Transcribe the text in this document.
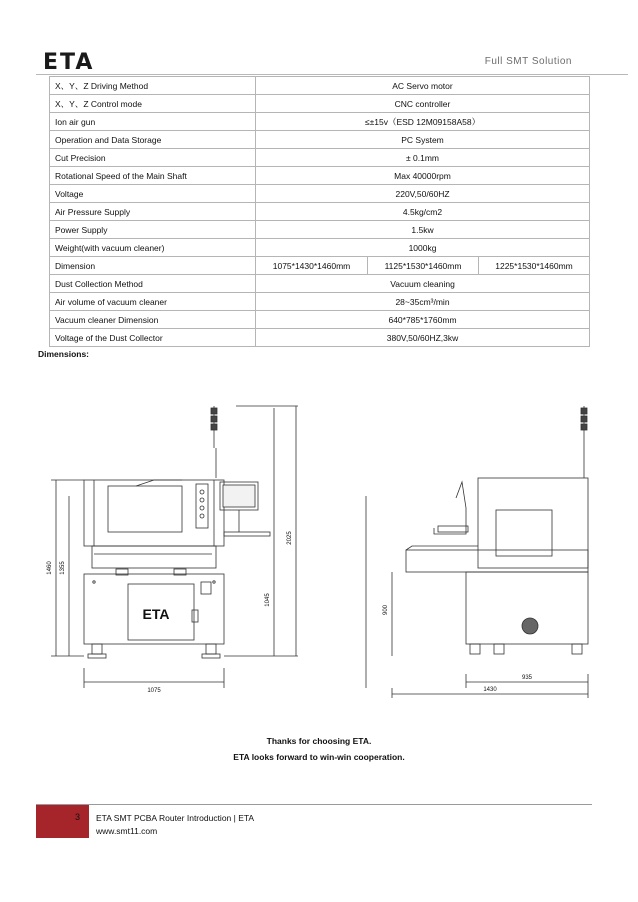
ETA	Full SMT Solution
X、Y、Z Driving Method	AC Servo motor		
X、Y、Z Control mode	CNC controller		
Ion air gun	≤±15v（ESD 12M09158A58）		
Operation and Data Storage	PC System		
Cut Precision	± 0.1mm		
Rotational Speed of the Main Shaft	Max 40000rpm		
Voltage	220V,50/60HZ		
Air Pressure Supply	4.5kg/cm2		
Power Supply	1.5kw		
Weight(with vacuum cleaner)	1000kg		
Dimension	1075*1430*1460mm	1125*1530*1460mm	1225*1530*1460mm
Dust Collection Method	Vacuum cleaning		
Air volume of vacuum cleaner	28~35cm³/min		
Vacuum cleaner Dimension	640*785*1760mm		
Voltage of the Dust Collector	380V,50/60HZ,3kw		
Dimensions:
ETA
1075
1460 1355
2025
1045
900
935
1430
Thanks for choosing ETA.
ETA looks forward to win-win cooperation.
3 ETA SMT PCBA Router Introduction | ETA
www.smt11.com
